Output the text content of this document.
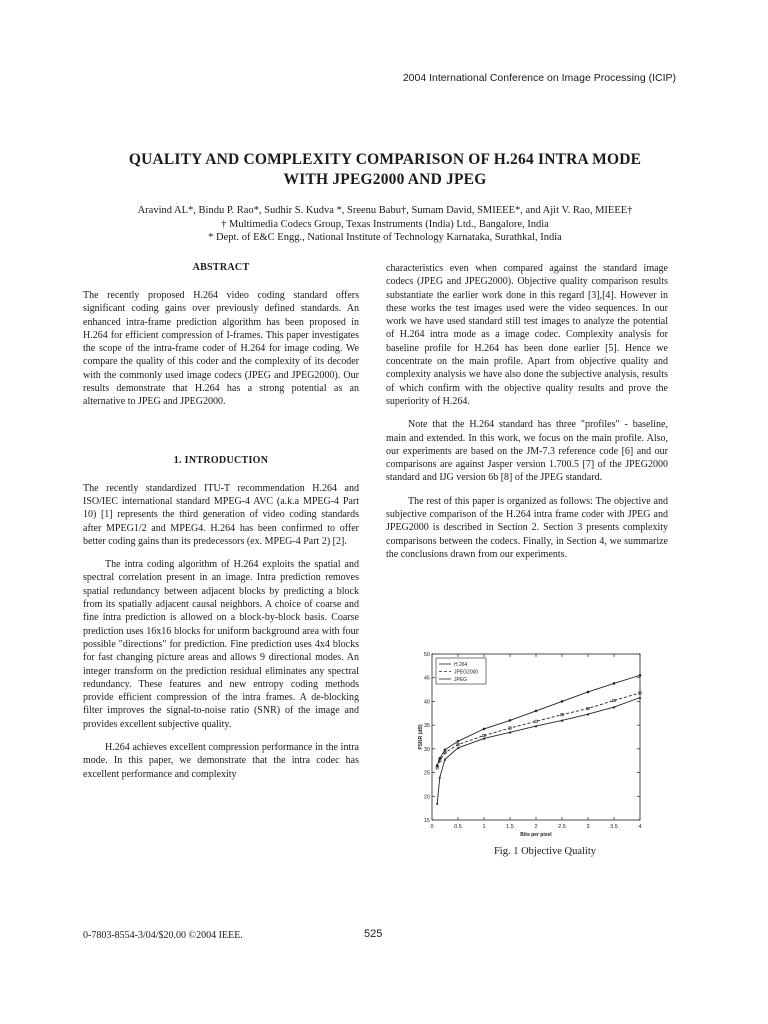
2004 International Conference on Image Processing (ICIP)
QUALITY AND COMPLEXITY COMPARISON OF H.264 INTRA MODE
WITH JPEG2000 AND JPEG
Aravind AL*, Bindu P. Rao*, Sudhir S. Kudva *, Sreenu Babu†, Sumam David, SMIEEE*, and Ajit V. Rao, MIEEE†
† Multimedia Codecs Group, Texas Instruments (India) Ltd., Bangalore, India
* Dept. of E&C Engg., National Institute of Technology Karnataka, Surathkal, India
ABSTRACT

The recently proposed H.264 video coding standard offers significant coding gains over previously defined standards. An enhanced intra-frame prediction algorithm has been proposed in H.264 for efficient compression of I-frames. This paper investigates the scope of the intra-frame coder of H.264 for image coding. We compare the quality of this coder and the complexity of its decoder with the commonly used image codecs (JPEG and JPEG2000). Our results demonstrate that H.264 has a strong potential as an alternative to JPEG and JPEG2000.

1. INTRODUCTION

The recently standardized ITU-T recommendation H.264 and ISO/IEC international standard MPEG-4 AVC (a.k.a MPEG-4 Part 10) [1] represents the third generation of video coding standards after MPEG1/2 and MPEG4. H.264 has been confirmed to offer better coding gains than its predecessors (ex. MPEG-4 Part 2) [2].

The intra coding algorithm of H.264 exploits the spatial and spectral correlation present in an image. Intra prediction removes spatial redundancy between adjacent blocks by predicting a block from its spatially adjacent causal neighbors. A choice of coarse and fine intra prediction is allowed on a block-by-block basis. Coarse prediction uses 16x16 blocks for uniform background area with four possible "directions" for prediction. Fine prediction uses 4x4 blocks for fast changing picture areas and allows 9 directional modes. An integer transform on the prediction residual eliminates any spectral redundancy. These features and new entropy coding methods provide efficient compression of the intra frames. A de-blocking filter improves the signal-to-noise ratio (SNR) of the image and provides excellent subjective quality.

H.264 achieves excellent compression performance in the intra mode. In this paper, we demonstrate that the intra codec has excellent performance and complexity

characteristics even when compared against the standard image codecs (JPEG and JPEG2000). Objective quality comparison results substantiate the earlier work done in this regard [3],[4]. However in these works the test images used were the video sequences. In our work we have used standard still test images to analyze the potential of H.264 intra mode as a image codec. Complexity analysis for baseline profile for H.264 has been done earlier [5]. Hence we concentrate on the main profile. Apart from objective quality and complexity analysis we have also done the subjective analysis, results of which confirm with the objective quality results and prove the superiority of H.264.

Note that the H.264 standard has three "profiles" - baseline, main and extended. In this work, we focus on the main profile. Also, our experiments are based on the JM-7.3 reference code [6] and our comparisons are against Jasper version 1.700.5 [7] of the JPEG2000 standard and IJG version 6b [8] of the JPEG standard.

The rest of this paper is organized as follows: The objective and subjective comparison of the H.264 intra frame coder with JPEG and JPEG2000 is described in Section 2. Section 3 presents complexity comparisons between the codecs. Finally, in Section 4, we summarize the conclusions drawn from our experiments.

0	0.5	1	1.5	2	2.5	3	3.5	4
15
20
25
30
35
40
45
50
Bits per pixel
PSNR (dB)
H.264
JPEG2000
JPEG
Fig. 1 Objective Quality
0-7803-8554-3/04/$20.00 ©2004 IEEE.	525
